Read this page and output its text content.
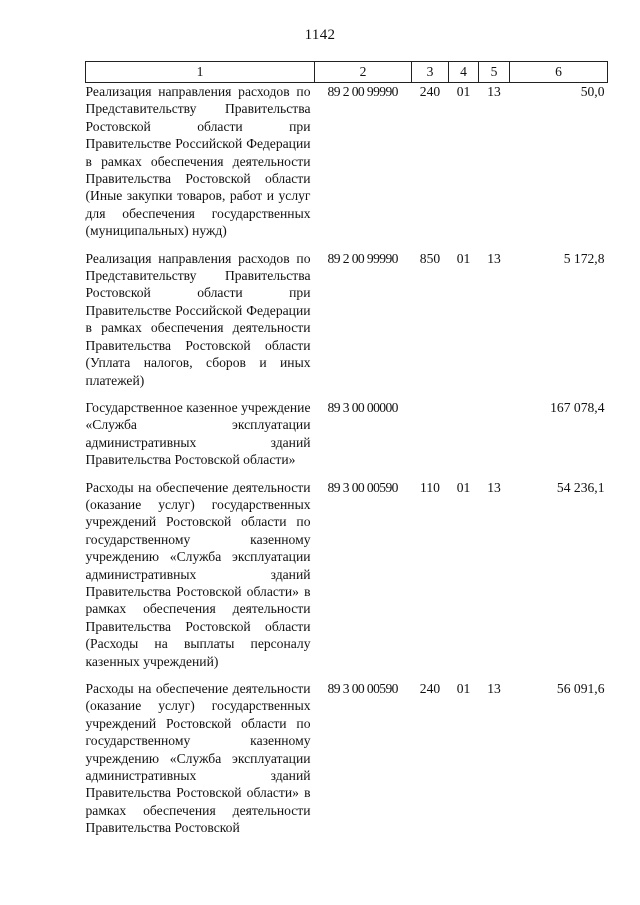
1142
1	2	3	4	5	6
Реализация направления расходов по Представительству Правительства Ростовской области при Правительстве Российской Федерации в рамках обеспечения деятельности Правительства Ростовской области (Иные закупки товаров, работ и услуг для обеспечения государственных (муниципальных) нужд)	89 2 00 99990	240	01	13	50,0
Реализация направления расходов по Представительству Правительства Ростовской области при Правительстве Российской Федерации в рамках обеспечения деятельности Правительства Ростовской области (Уплата налогов, сборов и иных платежей)	89 2 00 99990	850	01	13	5 172,8
Государственное казенное учреждение «Служба эксплуатации административных зданий Правительства Ростовской области»	89 3 00 00000				167 078,4
Расходы на обеспечение деятельности (оказание услуг) государственных учреждений Ростовской области по государственному казенному учреждению «Служба эксплуатации административных зданий Правительства Ростовской области» в рамках обеспечения деятельности Правительства Ростовской области (Расходы на выплаты персоналу казенных учреждений)	89 3 00 00590	110	01	13	54 236,1
Расходы на обеспечение деятельности (оказание услуг) государственных учреждений Ростовской области по государственному казенному учреждению «Служба эксплуатации административных зданий Правительства Ростовской области» в рамках обеспечения деятельности Правительства Ростовской	89 3 00 00590	240	01	13	56 091,6
